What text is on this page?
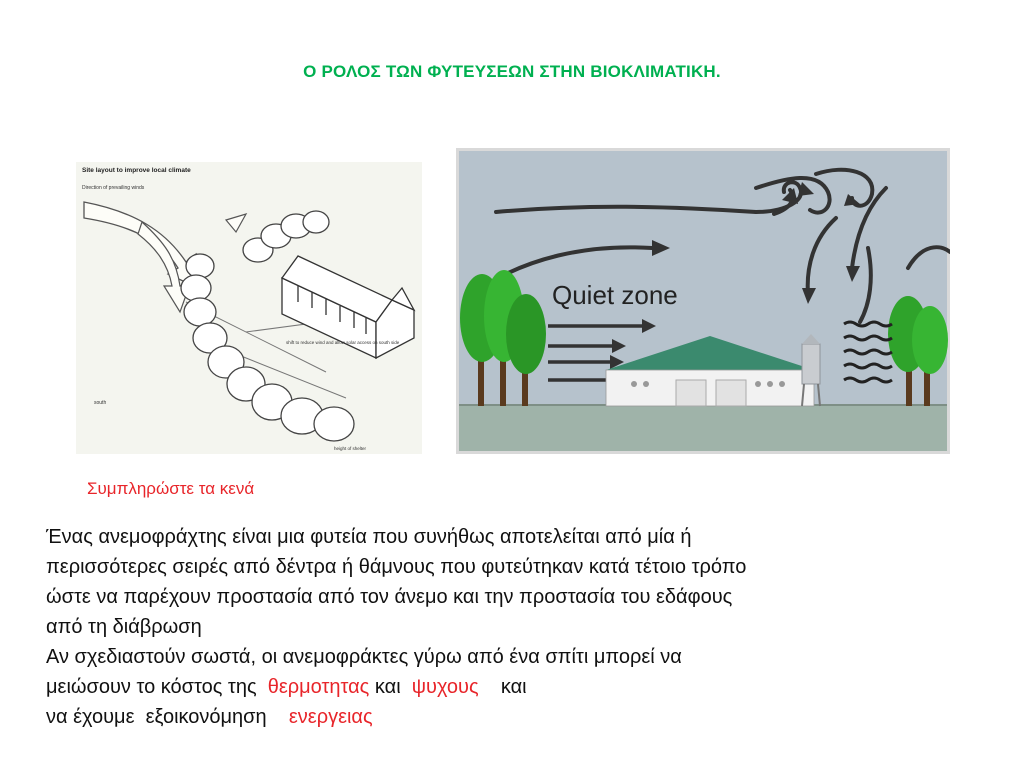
Ο ΡΟΛΟΣ ΤΩΝ ΦΥΤΕΥΣΕΩΝ ΣΤΗΝ ΒΙΟΚΛΙΜΑΤΙΚΗ.
Site layout to improve local climate
Direction of prevailing winds
shift to reduce wind and allow solar access on south side
south
height of shelter
Quiet zone
Συμπληρώστε τα κενά
Ένας ανεμοφράχτης είναι μια φυτεία που συνήθως αποτελείται από μία ή
περισσότερες σειρές από δέντρα ή θάμνους που φυτεύτηκαν κατά τέτοιο τρόπο
ώστε να παρέχουν προστασία από τον άνεμο και την προστασία του εδάφους
από τη διάβρωση
Αν σχεδιαστούν σωστά, οι ανεμοφράκτες γύρω από ένα σπίτι μπορεί να
μειώσουν το κόστος της  θερμοτητας και  ψυχους    και
να έχουμε  εξοικονόμηση    ενεργειας
